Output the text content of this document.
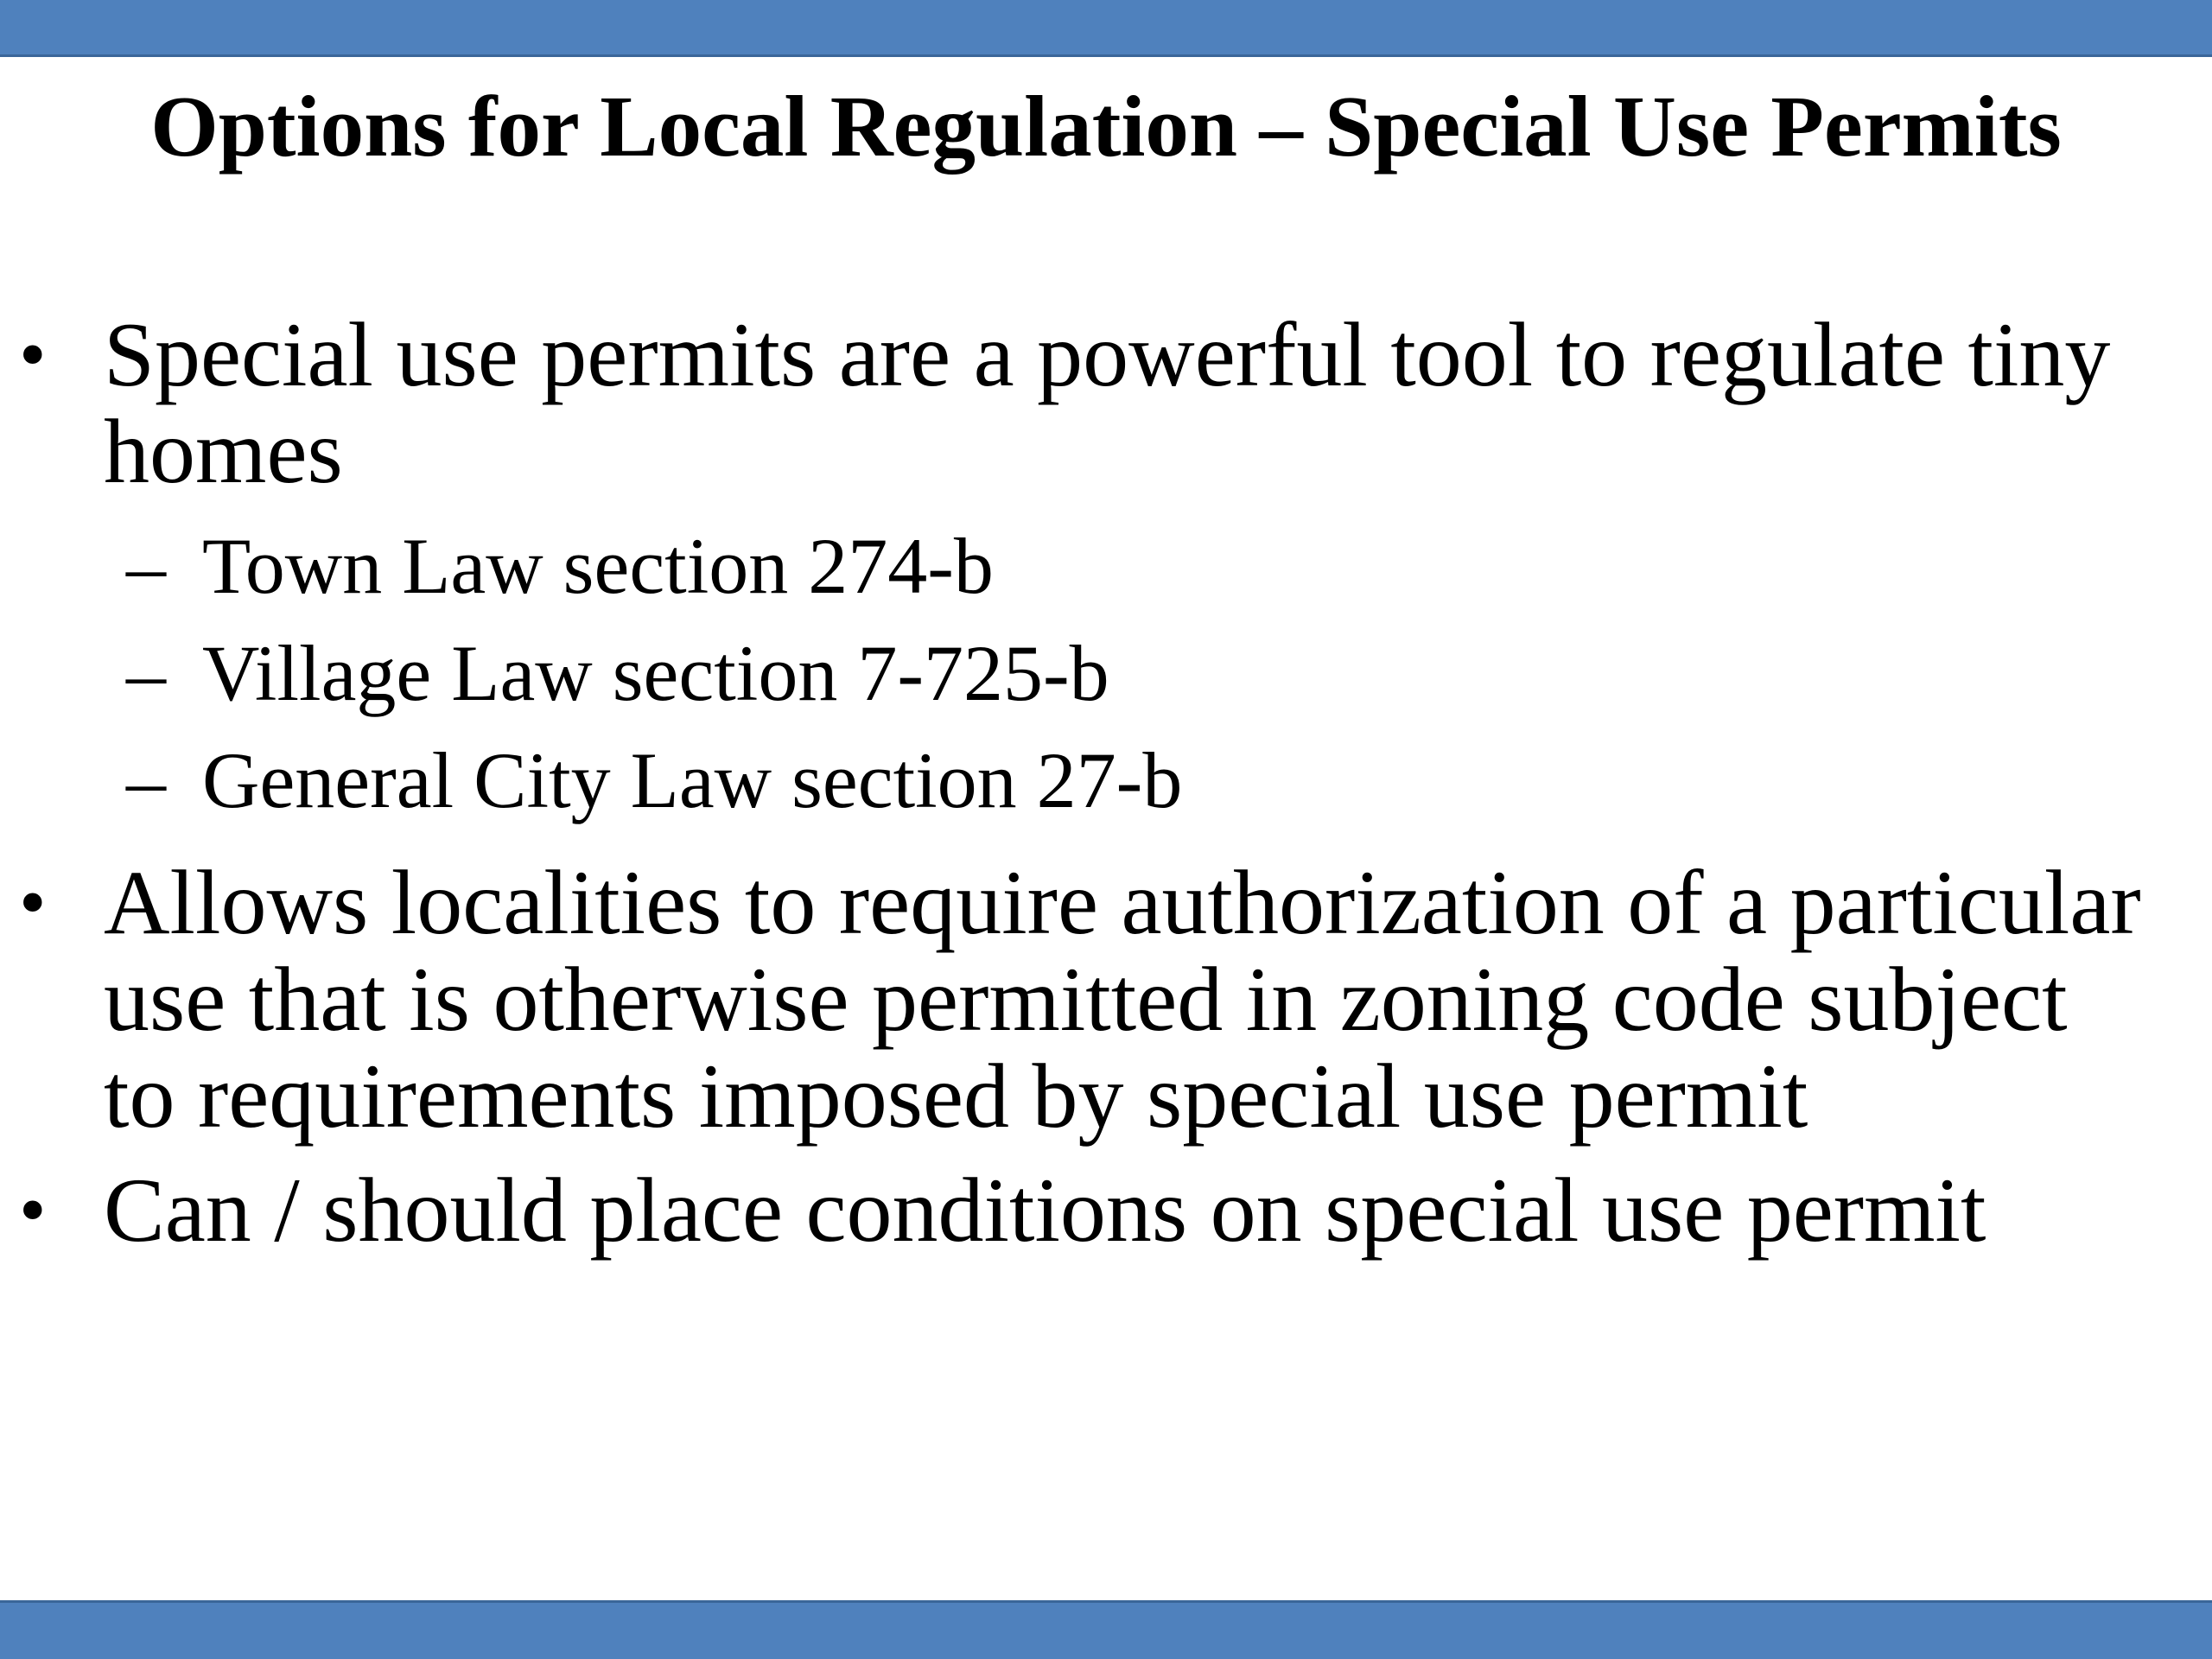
Options for Local Regulation – Special Use Permits
• Special use permits are a powerful tool to regulate tiny homes
– Town Law section 274-b
– Village Law section 7-725-b
– General City Law section 27-b
• Allows localities to require authorization of a particular use that is otherwise permitted in zoning code subject to requirements imposed by special use permit
• Can / should place conditions on special use permit
